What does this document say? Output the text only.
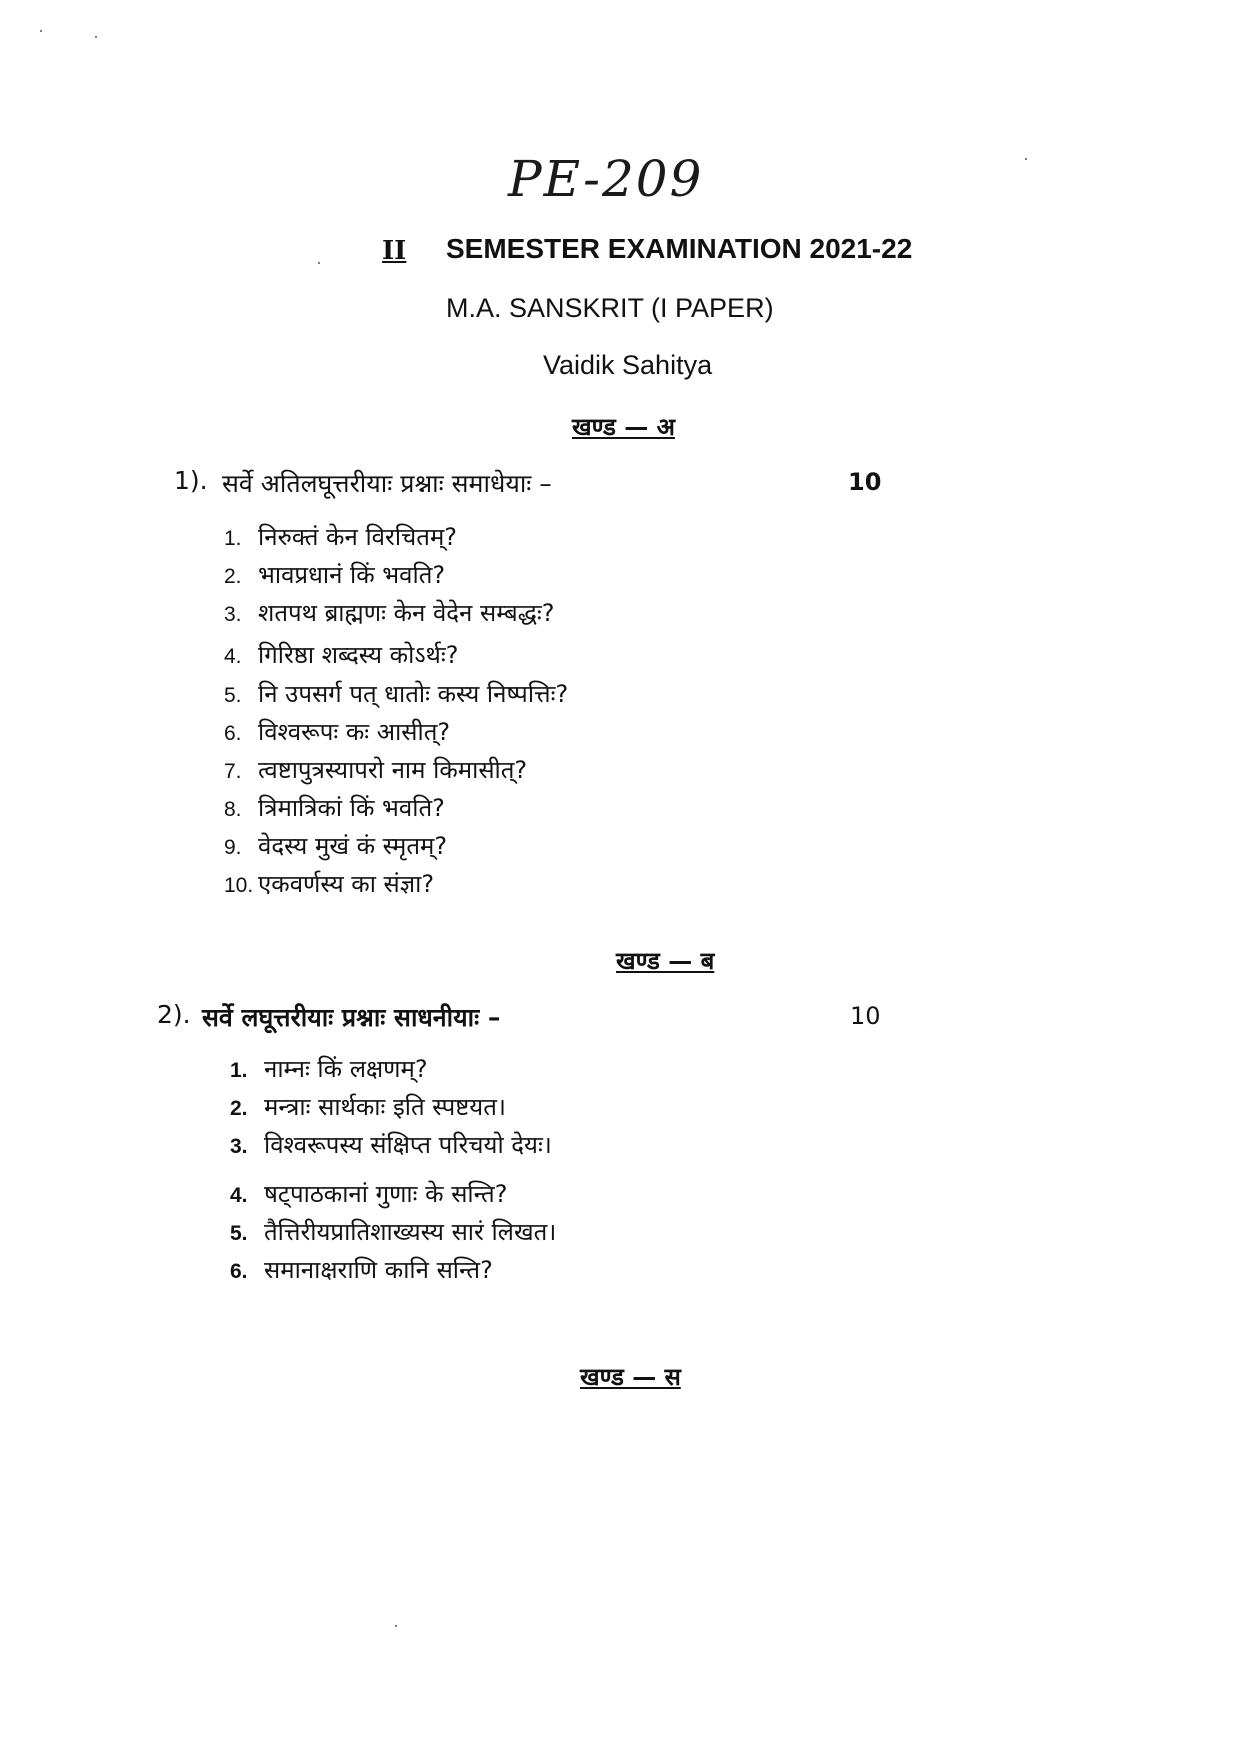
PE-209
II SEMESTER EXAMINATION 2021-22
M.A. SANSKRIT (I PAPER)
Vaidik Sahitya
खण्ड — अ
1). सर्वे अतिलघूत्तरीयाः प्रश्नाः समाधेयाः –	10
1. निरुक्तं केन विरचितम्?
2. भावप्रधानं किं भवति?
3. शतपथ ब्राह्मणः केन वेदेन सम्बद्धः?
4. गिरिष्ठा शब्दस्य कोऽर्थः?
5. नि उपसर्ग पत् धातोः कस्य निष्पत्तिः?
6. विश्वरूपः कः आसीत्?
7. त्वष्टापुत्रस्यापरो नाम किमासीत्?
8. त्रिमात्रिकां किं भवति?
9. वेदस्य मुखं कं स्मृतम्?
10. एकवर्णस्य का संज्ञा?
खण्ड — ब
2). सर्वे लघूत्तरीयाः प्रश्नाः साधनीयाः –	10
1. नाम्नः किं लक्षणम्?
2. मन्त्राः सार्थकाः इति स्पष्टयत।
3. विश्वरूपस्य संक्षिप्त परिचयो देयः।
4. षट्पाठकानां गुणाः के सन्ति?
5. तैत्तिरीयप्रातिशाख्यस्य सारं लिखत।
6. समानाक्षराणि कानि सन्ति?
खण्ड — स
